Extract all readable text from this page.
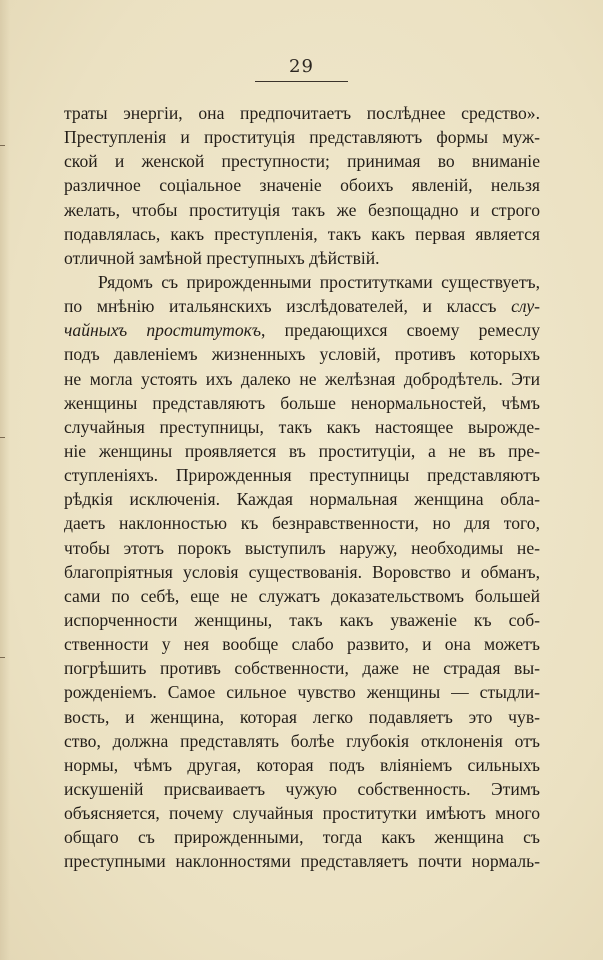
29
траты энергіи, она предпочитаетъ послѣднее средство».
Преступленія и проституція представляютъ формы муж-
ской и женской преступности; принимая во вниманіе
различное соціальное значеніе обоихъ явленій, нельзя
желать, чтобы проституція такъ же безпощадно и строго
подавлялась, какъ преступленія, такъ какъ первая является
отличной замѣной преступныхъ дѣйствій.
Рядомъ съ прирожденными проститутками существуетъ,
по мнѣнію итальянскихъ изслѣдователей, и классъ слу-
чайныхъ проститутокъ, предающихся своему ремеслу
подъ давленіемъ жизненныхъ условій, противъ которыхъ
не могла устоять ихъ далеко не желѣзная добродѣтель. Эти
женщины представляютъ больше ненормальностей, чѣмъ
случайныя преступницы, такъ какъ настоящее вырожде-
ніе женщины проявляется въ проституціи, а не въ пре-
ступленіяхъ. Прирожденныя преступницы представляютъ
рѣдкія исключенія. Каждая нормальная женщина обла-
даетъ наклонностью къ безнравственности, но для того,
чтобы этотъ порокъ выступилъ наружу, необходимы не-
благопріятныя условія существованія. Воровство и обманъ,
сами по себѣ, еще не служатъ доказательствомъ большей
испорченности женщины, такъ какъ уваженіе къ соб-
ственности у нея вообще слабо развито, и она можетъ
погрѣшить противъ собственности, даже не страдая вы-
рожденіемъ. Самое сильное чувство женщины — стыдли-
вость, и женщина, которая легко подавляетъ это чув-
ство, должна представлять болѣе глубокія отклоненія отъ
нормы, чѣмъ другая, которая подъ вліяніемъ сильныхъ
искушеній присваиваетъ чужую собственность. Этимъ
объясняется, почему случайныя проститутки имѣютъ много
общаго съ прирожденными, тогда какъ женщина съ
преступными наклонностями представляетъ почти нормаль-
